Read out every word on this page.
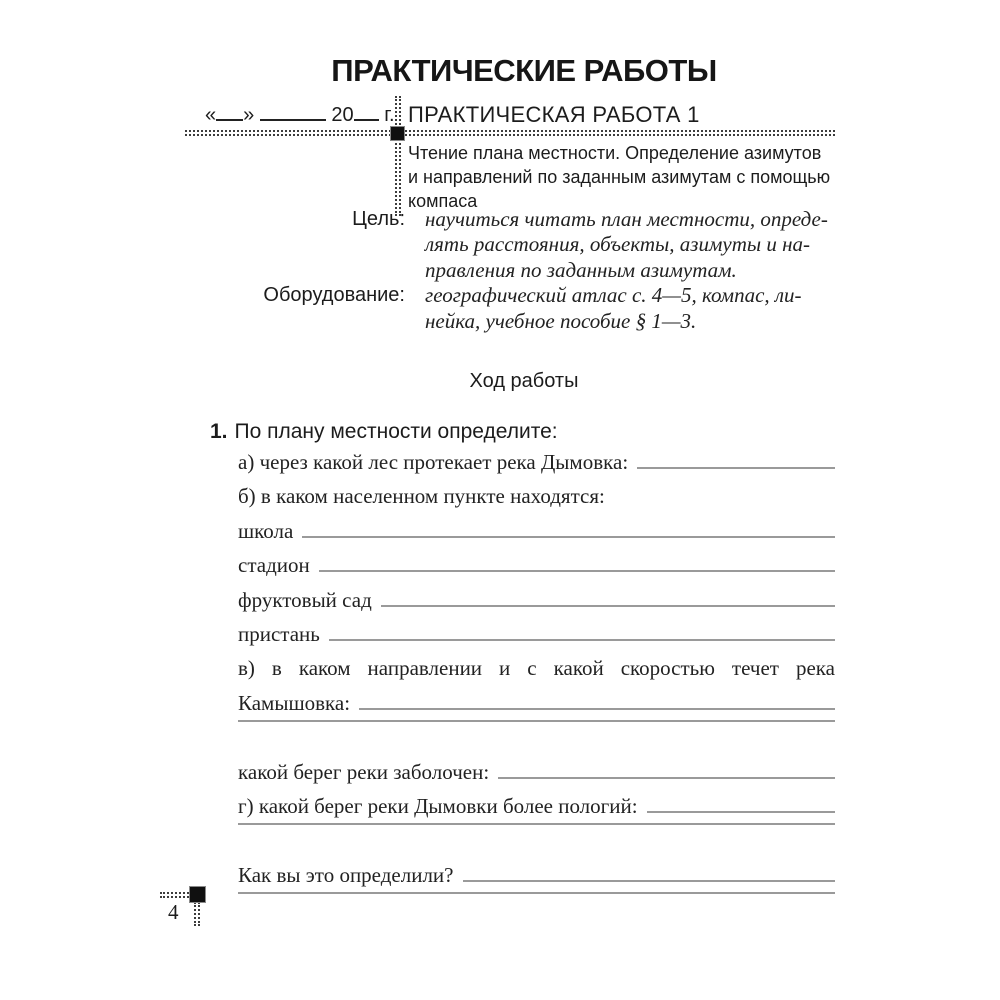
ПРАКТИЧЕСКИЕ РАБОТЫ
« »	20 г. ПРАКТИЧЕСКАЯ РАБОТА 1
Чтение плана местности. Определение азимутов
и направлений по заданным азимутам с помощью
компаса
Цель: научиться читать план местности, опреде-
лять расстояния, объекты, азимуты и на-
правления по заданным азимутам.
Оборудование: географический атлас с. 4—5, компас, ли-
нейка, учебное пособие § 1—3.
Ход работы
1. По плану местности определите:
а) через какой лес протекает река Дымовка:
б) в каком населенном пункте находятся:
школа
стадион
фруктовый сад
пристань
в) в каком направлении и с какой скоростью течет река
Камышовка:
какой берег реки заболочен:
г) какой берег реки Дымовки более пологий:
Как вы это определили?
4
